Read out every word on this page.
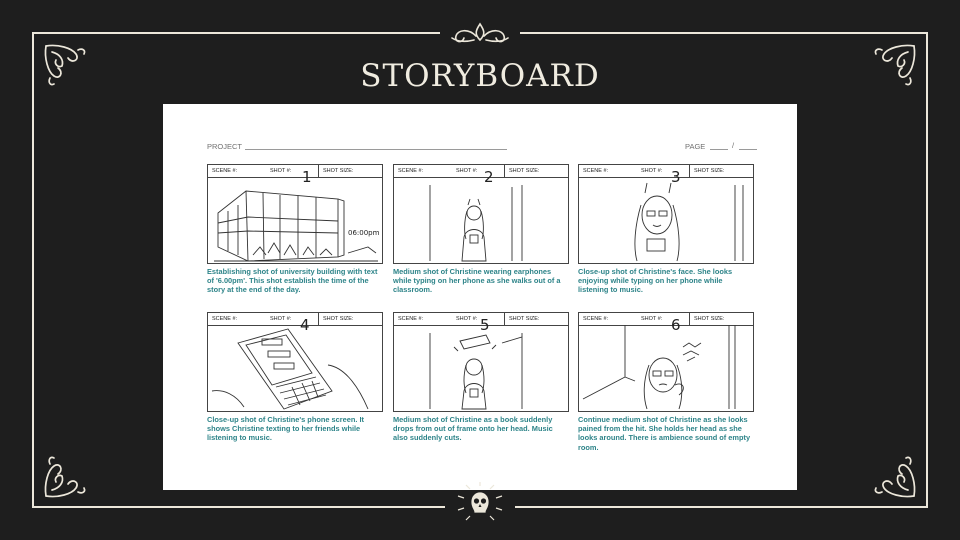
STORYBOARD
PROJECT	PAGE	/
SCENE #:	SHOT #: 1 SHOT SIZE:
06:00pm
Establishing shot of university building with text of '6.00pm'. This shot establish the time of the story at the end of the day.
SCENE #:	SHOT #: 2	SHOT SIZE:
Medium shot of Christine wearing earphones while typing on her phone as she walks out of a classroom.
SCENE #:	SHOT #: 3 SHOT SIZE:
Close-up shot of Christine's face. She looks enjoying while typing on her phone while listening to music.
SCENE #:	SHOT #: 4 SHOT SIZE:
Close-up shot of Christine's phone screen. It shows Christine texting to her friends while listening to music.
SCENE #:	SHOT #: 5	SHOT SIZE:
Medium shot of Christine as a book suddenly drops from out of frame onto her head. Music also suddenly cuts.
SCENE #:	SHOT #: 6 SHOT SIZE:
Continue medium shot of Christine as she looks pained from the hit. She holds her head as she looks around. There is ambience sound of empty room.
